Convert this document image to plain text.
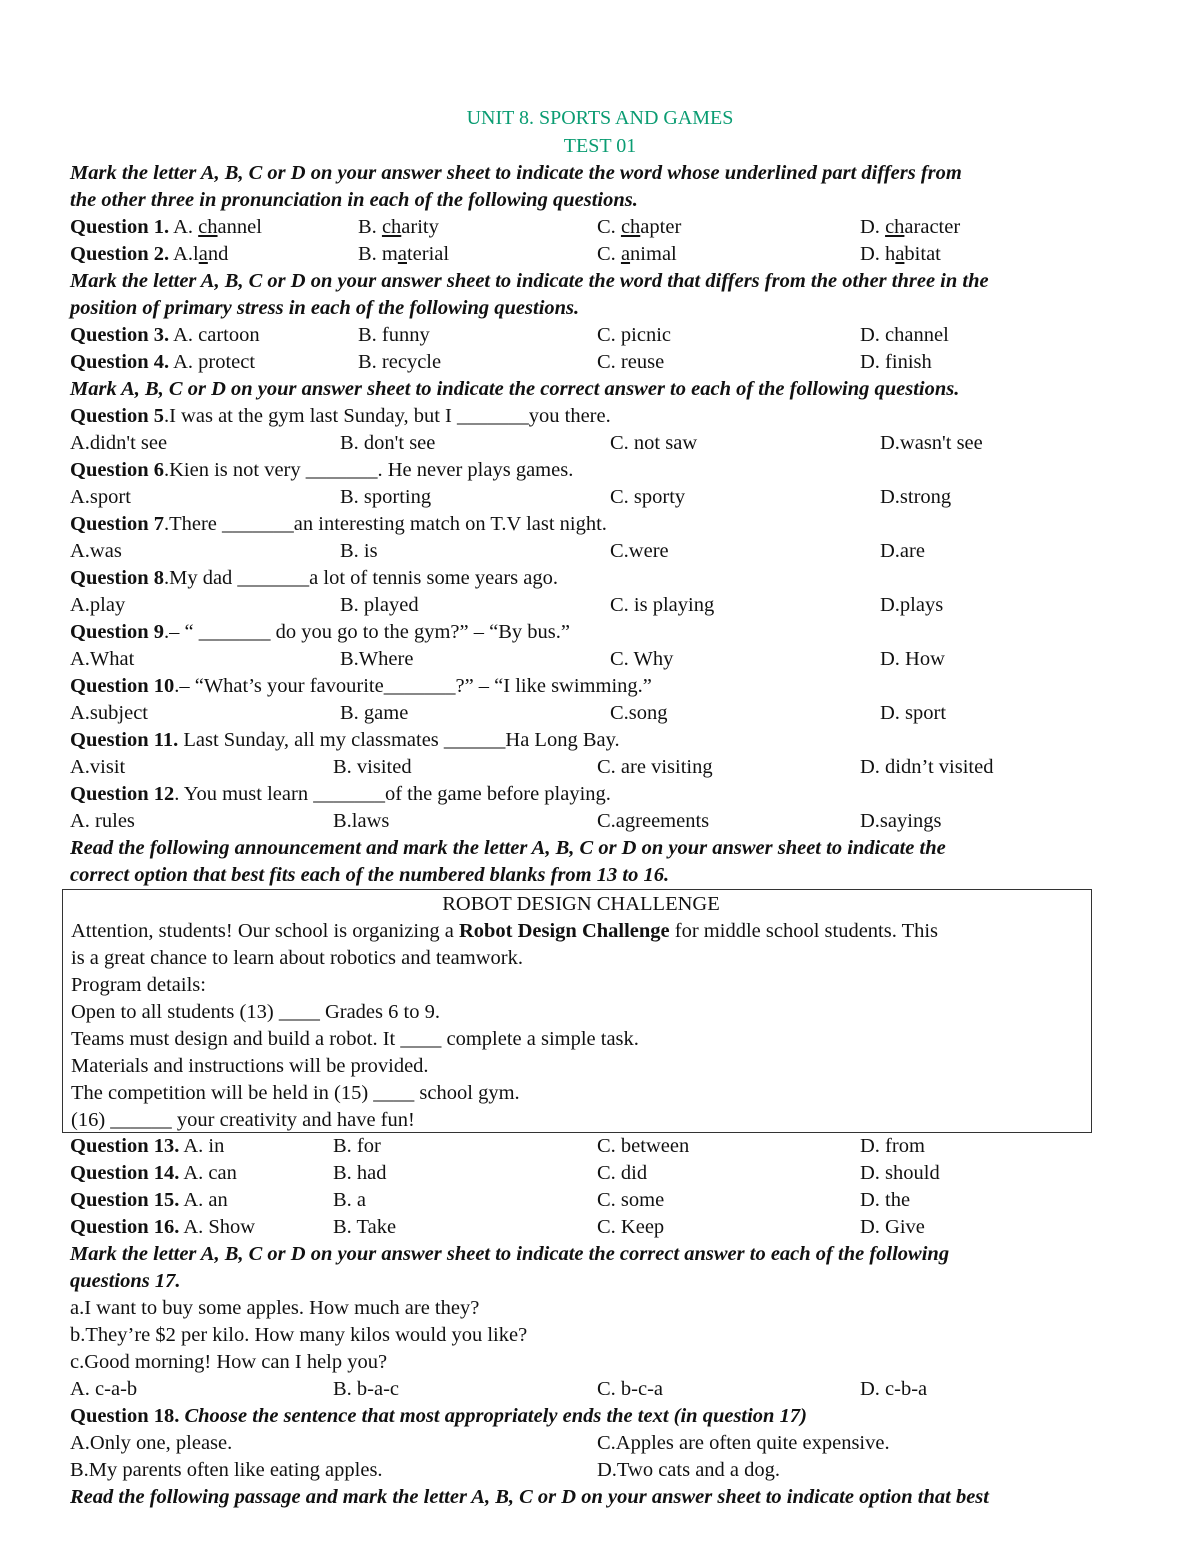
UNIT 8. SPORTS AND GAMES
TEST 01
Mark the letter A, B, C or D on your answer sheet to indicate the word whose underlined part differs from
the other three in pronunciation in each of the following questions.
Question 1. A. channel	B. charity	C. chapter	D. character
Question 2. A.land	B. material	C. animal	D. habitat
Mark the letter A, B, C or D on your answer sheet to indicate the word that differs from the other three in the
position of primary stress in each of the following questions.
Question 3. A. cartoon	B. funny	C. picnic	D. channel
Question 4. A. protect	B. recycle	C. reuse	D. finish
Mark A, B, C or D on your answer sheet to indicate the correct answer to each of the following questions.
Question 5.I was at the gym last Sunday, but I _______you there.
A.didn't see	B. don't see	C. not saw	D.wasn't see
Question 6.Kien is not very _______. He never plays games.
A.sport	B. sporting	C. sporty	D.strong
Question 7.There _______an interesting match on T.V last night.
A.was	B. is	C.were	D.are
Question 8.My dad _______a lot of tennis some years ago.
A.play	B. played	C. is playing	D.plays
Question 9.– “ _______ do you go to the gym?” – “By bus.”
A.What	B.Where	C. Why	D. How
Question 10.– “What’s your favourite_______?” – “I like swimming.”
A.subject	B. game	C.song	D. sport
Question 11. Last Sunday, all my classmates ______Ha Long Bay.
A.visit	B. visited	C. are visiting	D. didn’t visited
Question 12. You must learn _______of the game before playing.
A. rules	B.laws	C.agreements	D.sayings
Read the following announcement and mark the letter A, B, C or D on your answer sheet to indicate the
correct option that best fits each of the numbered blanks from 13 to 16.
ROBOT DESIGN CHALLENGE
Attention, students! Our school is organizing a Robot Design Challenge for middle school students. This
is a great chance to learn about robotics and teamwork.
Program details:
Open to all students (13) ____ Grades 6 to 9.
Teams must design and build a robot. It ____ complete a simple task.
Materials and instructions will be provided.
The competition will be held in (15) ____ school gym.
(16) ______ your creativity and have fun!
Question 13. A. in	B. for	C. between	D. from
Question 14. A. can	B. had	C. did	D. should
Question 15. A. an	B. a	C. some	D. the
Question 16. A. Show	B. Take	C. Keep	D. Give
Mark the letter A, B, C or D on your answer sheet to indicate the correct answer to each of the following
questions 17.
a.I want to buy some apples. How much are they?
b.They’re $2 per kilo. How many kilos would you like?
c.Good morning! How can I help you?
A. c-a-b	B. b-a-c	C. b-c-a	D. c-b-a
Question 18. Choose the sentence that most appropriately ends the text (in question 17)
A.Only one, please.	C.Apples are often quite expensive.
B.My parents often like eating apples.	D.Two cats and a dog.
Read the following passage and mark the letter A, B, C or D on your answer sheet to indicate option that best
